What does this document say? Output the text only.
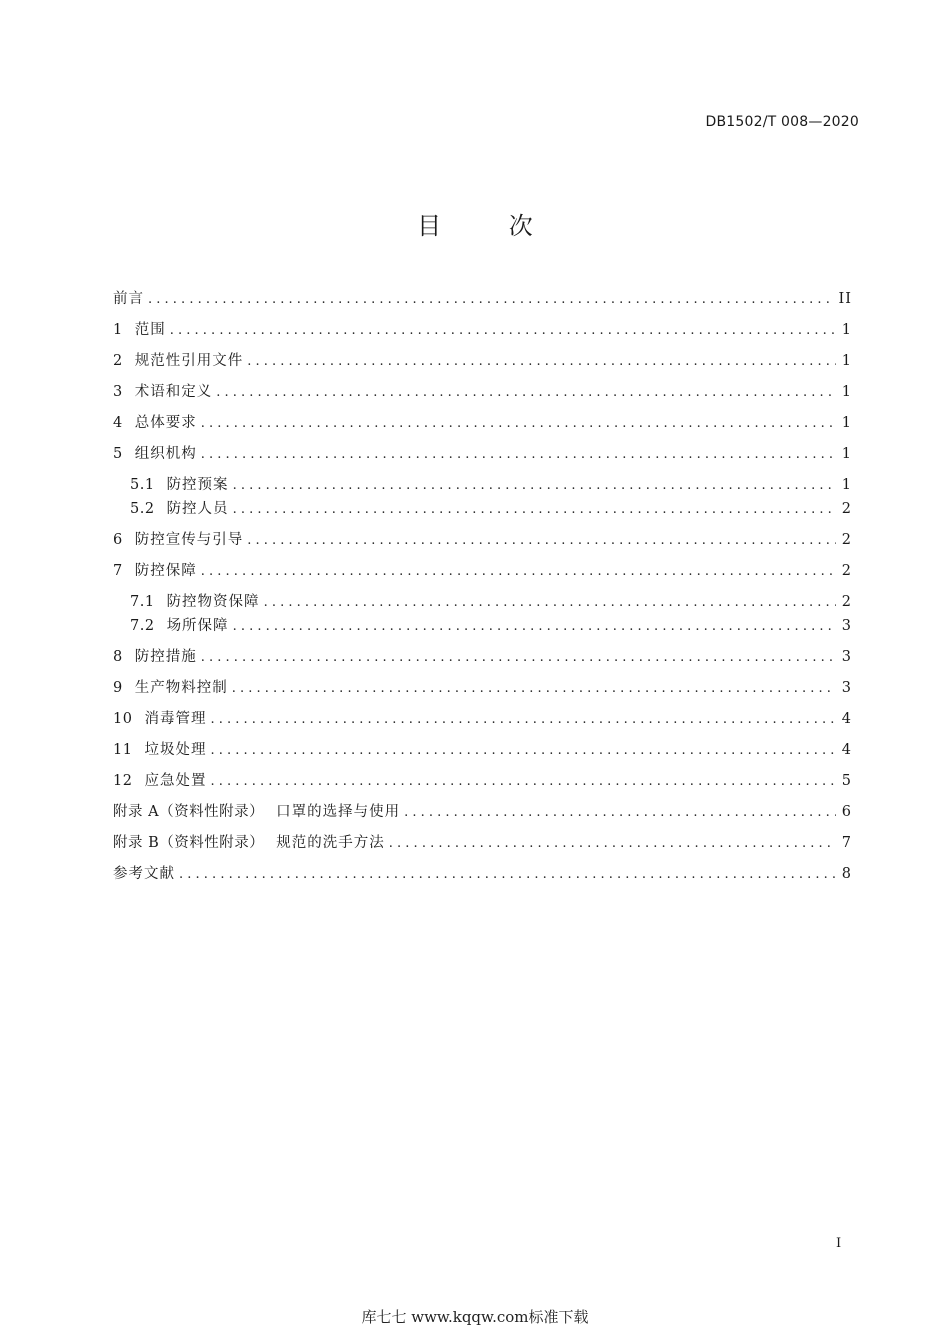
DB1502/T 008—2020
目 次
前言 . . .	II
1 范围 . . .	1
2 规范性引用文件 . . .	1
3 术语和定义 . . .	1
4 总体要求 . . .	1
5 组织机构 . . .	1
5.1 防控预案 . . .	1
5.2 防控人员 . . .	2
6 防控宣传与引导 . . .	2
7 防控保障 . . .	2
7.1 防控物资保障 . . .	2
7.2 场所保障 . . .	3
8 防控措施 . . .	3
9 生产物料控制 . . .	3
10 消毒管理 . . .	4
11 垃圾处理 . . .	4
12 应急处置 . . .	5
附录 A（资料性附录） 口罩的选择与使用 . . .	6
附录 B（资料性附录） 规范的洗手方法 . . .	7
参考文献 . . .	8
I
库七七 www.kqqw.com标准下载
